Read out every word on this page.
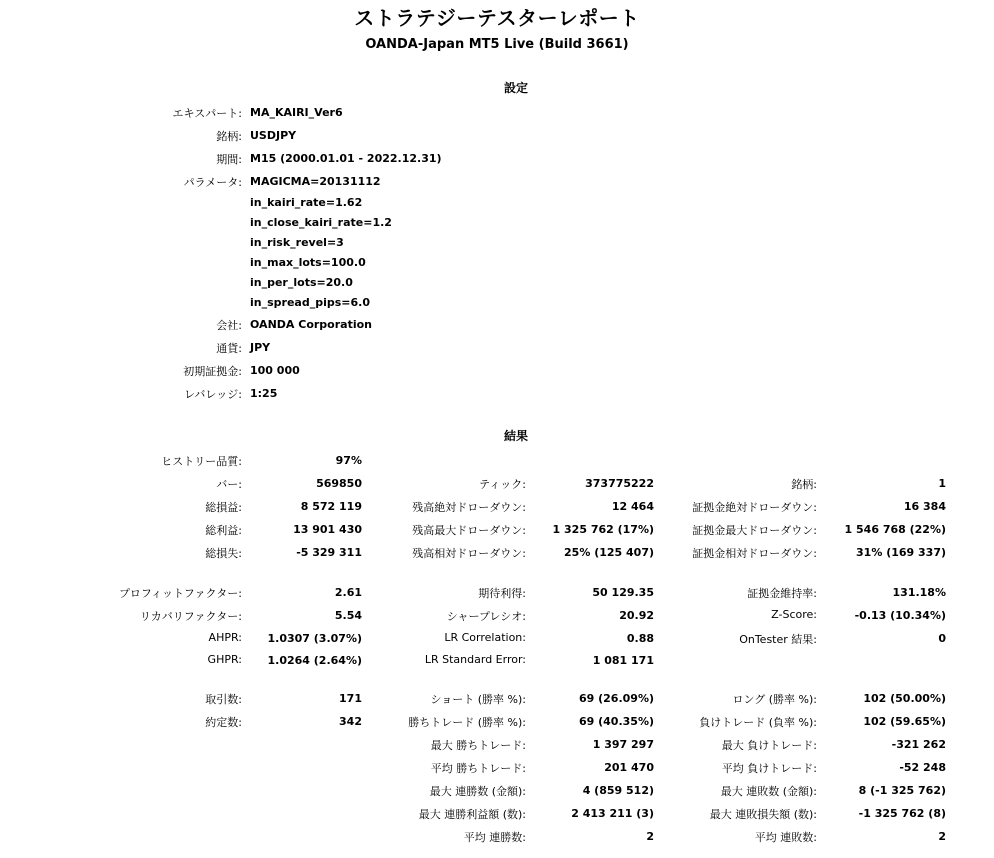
ストラテジーテスターレポート
OANDA-Japan MT5 Live (Build 3661)
設定
エキスパート: MA_KAIRI_Ver6
銘柄: USDJPY
期間: M15 (2000.01.01 - 2022.12.31)
パラメータ: MAGICMA=20131112
in_kairi_rate=1.62
in_close_kairi_rate=1.2
in_risk_revel=3
in_max_lots=100.0
in_per_lots=20.0
in_spread_pips=6.0
会社: OANDA Corporation
通貨: JPY
初期証拠金: 100 000
レバレッジ: 1:25
結果
ヒストリー品質:	97%
バー:	569850	ティック:	373775222	銘柄:	1
総損益:	8 572 119	残高絶対ドローダウン:	12 464	証拠金絶対ドローダウン:	16 384
総利益:	13 901 430	残高最大ドローダウン: 1 325 762 (17%)	証拠金最大ドローダウン:	1 546 768 (22%)
総損失:	-5 329 311	残高相対ドローダウン:	25% (125 407)	証拠金相対ドローダウン:	31% (169 337)
プロフィットファクター:	2.61	期待利得:	50 129.35	証拠金維持率:	131.18%
リカバリファクター:	5.54	シャープレシオ:	20.92	Z-Score:	-0.13 (10.34%)
AHPR: 1.0307 (3.07%)	LR Correlation:	0.88	OnTester 結果:	0
GHPR: 1.0264 (2.64%)	LR Standard Error:	1 081 171
取引数:	171	ショート (勝率 %):	69 (26.09%)	ロング (勝率 %):	102 (50.00%)
約定数:	342	勝ちトレード (勝率 %):	69 (40.35%)	負けトレード (負率 %):	102 (59.65%)
最大 勝ちトレード:	1 397 297	最大 負けトレード:	-321 262
平均 勝ちトレード:	201 470	平均 負けトレード:	-52 248
最大 連勝数 (金額):	4 (859 512)	最大 連敗数 (金額):	8 (-1 325 762)
最大 連勝利益額 (数):	2 413 211 (3)	最大 連敗損失額 (数):	-1 325 762 (8)
平均 連勝数:	2	平均 連敗数:	2
